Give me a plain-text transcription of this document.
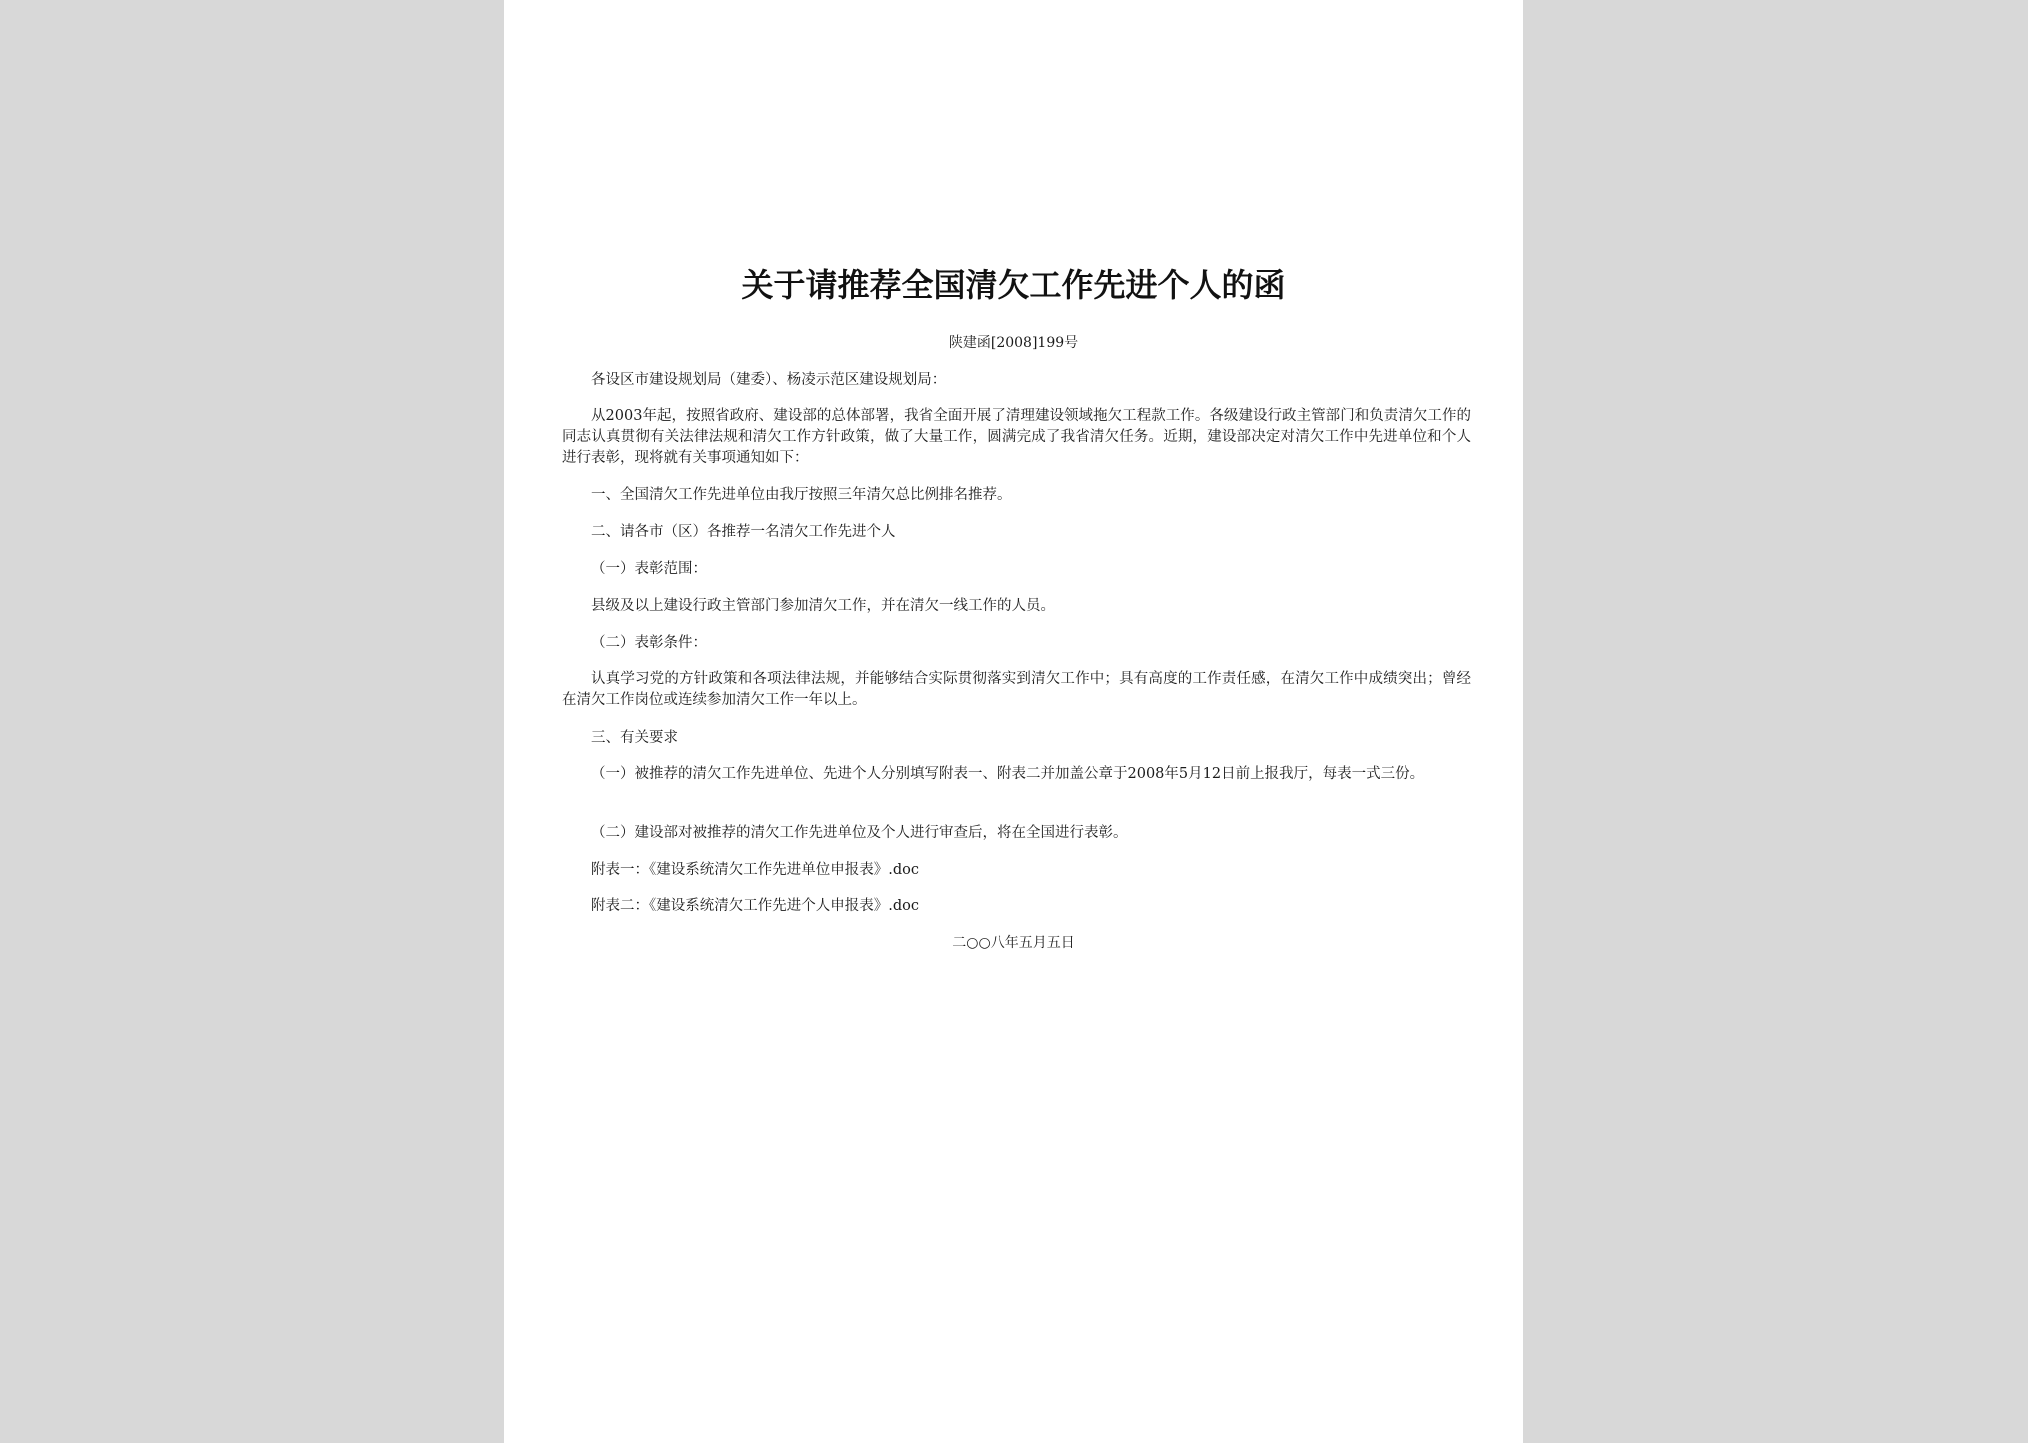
关于请推荐全国清欠工作先进个人的函

陕建函[2008]199号

各设区市建设规划局（建委）、杨凌示范区建设规划局：

从2003年起，按照省政府、建设部的总体部署，我省全面开展了清理建设领域拖欠工程款工作。各级建设行政主管部门和负责清欠工作的同志认真贯彻有关法律法规和清欠工作方针政策，做了大量工作，圆满完成了我省清欠任务。近期，建设部决定对清欠工作中先进单位和个人进行表彰，现将就有关事项通知如下：

一、全国清欠工作先进单位由我厅按照三年清欠总比例排名推荐。

二、请各市（区）各推荐一名清欠工作先进个人

（一）表彰范围：

县级及以上建设行政主管部门参加清欠工作，并在清欠一线工作的人员。

（二）表彰条件：

认真学习党的方针政策和各项法律法规，并能够结合实际贯彻落实到清欠工作中；具有高度的工作责任感，在清欠工作中成绩突出；曾经在清欠工作岗位或连续参加清欠工作一年以上。

三、有关要求

（一）被推荐的清欠工作先进单位、先进个人分别填写附表一、附表二并加盖公章于2008年5月12日前上报我厅，每表一式三份。

（二）建设部对被推荐的清欠工作先进单位及个人进行审查后，将在全国进行表彰。

附表一：《建设系统清欠工作先进单位申报表》.doc

附表二：《建设系统清欠工作先进个人申报表》.doc

二○○八年五月五日
